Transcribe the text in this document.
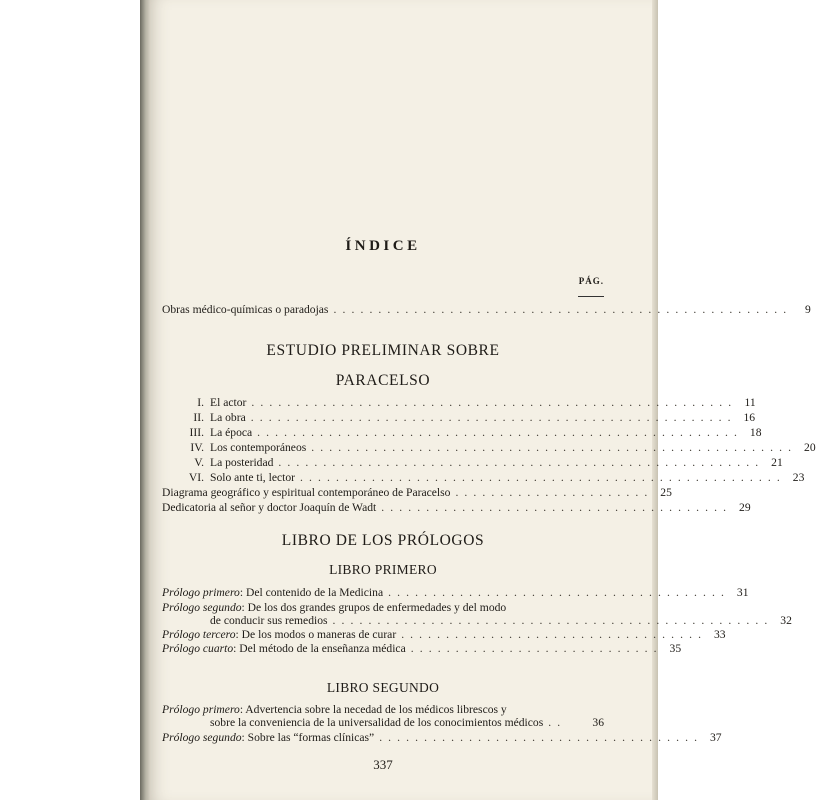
ÍNDICE
PÁG.
Obras médico-químicas o paradojas . . . . . . . . . . . . . . . . . . . . . . . . . . . . . . . . . . . . . . . . . . . . . . . . . . .	9
ESTUDIO PRELIMINAR SOBRE
PARACELSO
I. El actor . . . . . . . . . . . . . . . . . . . . . . . . . . . . . . . . . . . . . . . . . . . . . . . . . . . . . .	11
II. La obra . . . . . . . . . . . . . . . . . . . . . . . . . . . . . . . . . . . . . . . . . . . . . . . . . . . . . . 16
III. La época . . . . . . . . . . . . . . . . . . . . . . . . . . . . . . . . . . . . . . . . . . . . . . . . . . . . . . 18
IV. Los contemporáneos . . . . . . . . . . . . . . . . . . . . . . . . . . . . . . . . . . . . . . . . . . . . . . . . . . . . . . 20
V. La posteridad . . . . . . . . . . . . . . . . . . . . . . . . . . . . . . . . . . . . . . . . . . . . . . . . . . . . . . 21
VI. Solo ante ti, lector . . . . . . . . . . . . . . . . . . . . . . . . . . . . . . . . . . . . . . . . . . . . . . . . . . . . . . 23
Diagrama geográfico y espiritual contemporáneo de Paracelso . . . . . . . . . . . . . . . . . . . . . . 25
Dedicatoria al señor y doctor Joaquín de Wadt . . . . . . . . . . . . . . . . . . . . . . . . . . . . . . . . . . . . . . . 29
LIBRO DE LOS PRÓLOGOS
LIBRO PRIMERO
Prólogo primero : Del contenido de la Medicina . . . . . . . . . . . . . . . . . . . . . . . . . . . . . . . . . . . . . . 31
Prólogo segundo : De los dos grandes grupos de enfermedades y del modo
de conducir sus remedios . . . . . . . . . . . . . . . . . . . . . . . . . . . . . . . . . . . . . . . . . . . . . . . . . 32
Prólogo tercero : De los modos o maneras de curar . . . . . . . . . . . . . . . . . . . . . . . . . . . . . . . . . . 33
Prólogo cuarto : Del método de la enseñanza médica . . . . . . . . . . . . . . . . . . . . . . . . . . . . 35
LIBRO SEGUNDO
Prólogo primero : Advertencia sobre la necedad de los médicos librescos y
sobre la conveniencia de la universalidad de los conocimientos médicos . .	36
Prólogo segundo : Sobre las “formas clínicas” . . . . . . . . . . . . . . . . . . . . . . . . . . . . . . . . . . . . 37
337
